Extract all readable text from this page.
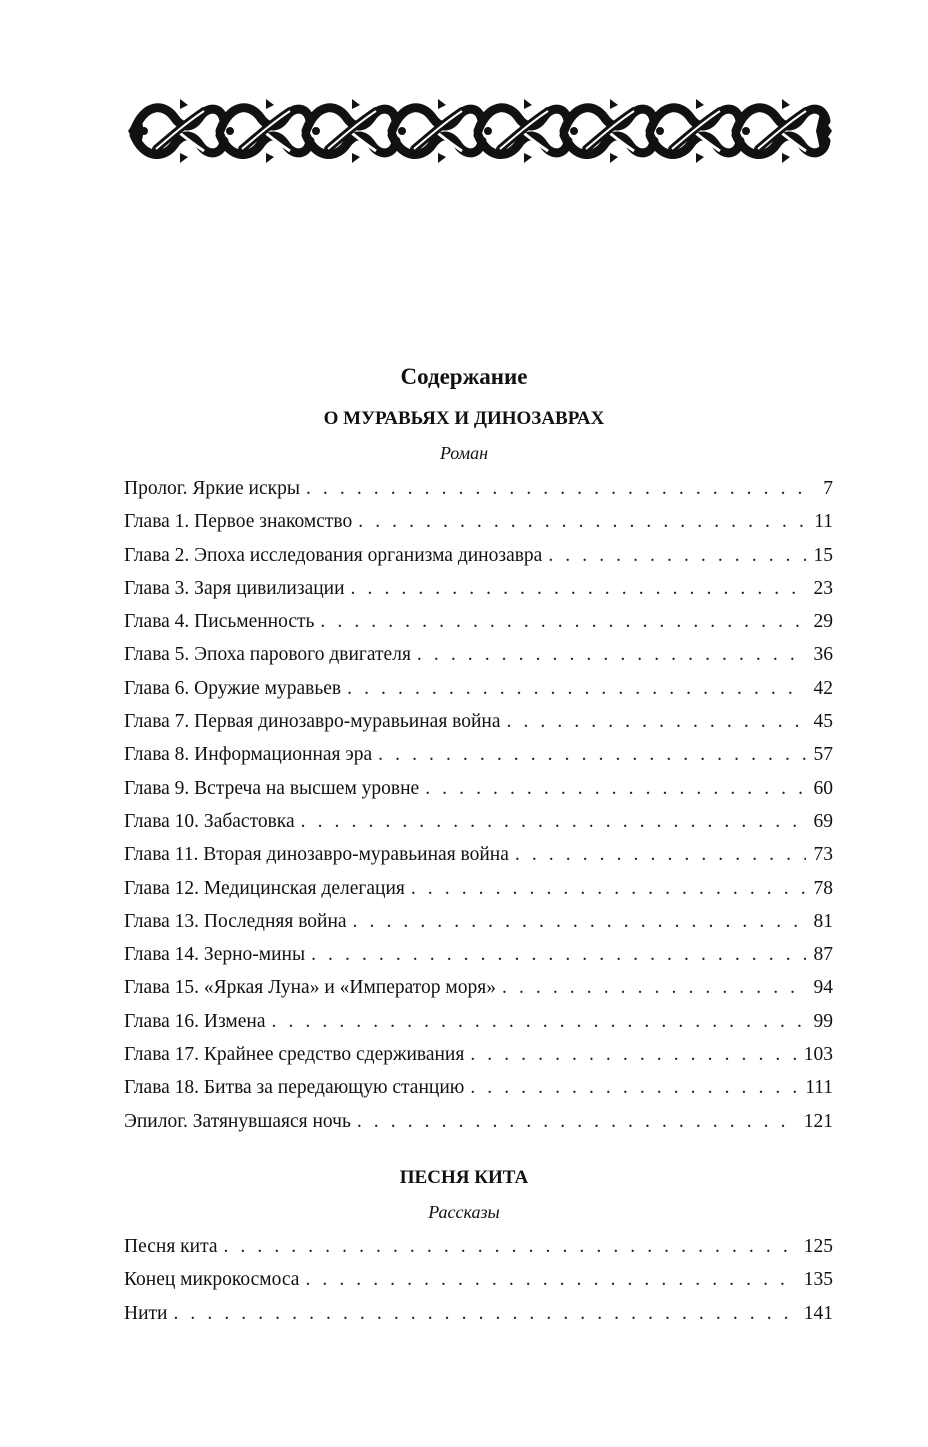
Содержание
О МУРАВЬЯХ И ДИНОЗАВРАХ
Роман
Пролог. Яркие искры . . .	7
Глава 1. Первое знакомство . . .	11
Глава 2. Эпоха исследования организма динозавра . . .	15
Глава 3. Заря цивилизации . . .	23
Глава 4. Письменность . . .	29
Глава 5. Эпоха парового двигателя . . .	36
Глава 6. Оружие муравьев . . .	42
Глава 7. Первая динозавро-муравьиная война . . .	45
Глава 8. Информационная эра . . .	57
Глава 9. Встреча на высшем уровне . . .	60
Глава 10. Забастовка . . .	69
Глава 11. Вторая динозавро-муравьиная война . . .	73
Глава 12. Медицинская делегация . . .	78
Глава 13. Последняя война . . .	81
Глава 14. Зерно-мины . . .	87
Глава 15. «Яркая Луна» и «Император моря» . . .	94
Глава 16. Измена . . .	99
Глава 17. Крайнее средство сдерживания . . .	103
Глава 18. Битва за передающую станцию . . .	111
Эпилог. Затянувшаяся ночь . . .	121
ПЕСНЯ КИТА
Рассказы
Песня кита . . .	125
Конец микрокосмоса . . .	135
Нити . . .	141
